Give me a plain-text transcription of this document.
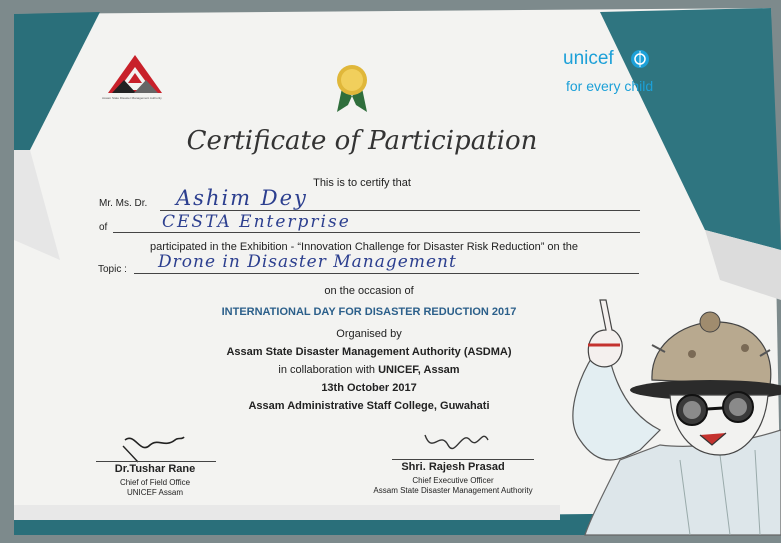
Assam State Disaster Management Authority
unicef
for every child
Certificate of Participation
This is to certify that
Mr. Ms. Dr. Ashim Dey
of	CESTA Enterprise
participated in the Exhibition - “Innovation Challenge for Disaster Risk Reduction” on the
Topic : Drone in Disaster Management
on the occasion of
INTERNATIONAL DAY FOR DISASTER REDUCTION 2017
Organised by
Assam State Disaster Management Authority (ASDMA)
in collaboration with UNICEF, Assam
13th October 2017
Assam Administrative Staff College, Guwahati
Dr.Tushar Rane
Chief of Field Office
UNICEF Assam
Shri. Rajesh Prasad
Chief Executive Officer
Assam State Disaster Management Authority
